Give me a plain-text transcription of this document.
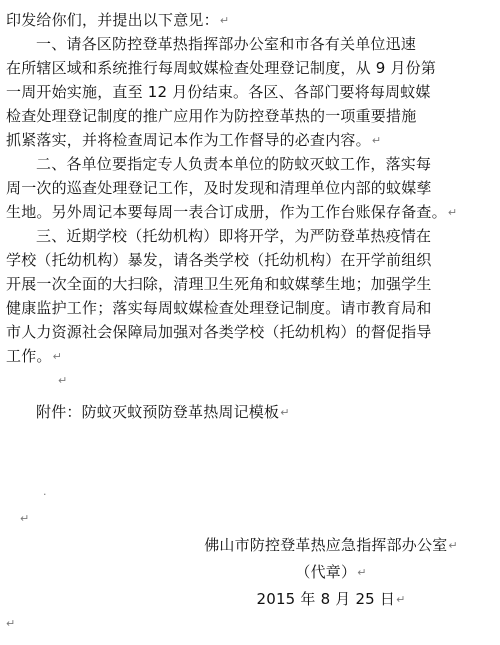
印发给你们，并提出以下意见：↵
一、请各区防控登革热指挥部办公室和市各有关单位迅速
在所辖区域和系统推行每周蚊媒检查处理登记制度，从 9 月份第
一周开始实施，直至 12 月份结束。各区、各部门要将每周蚊媒
检查处理登记制度的推广应用作为防控登革热的一项重要措施
抓紧落实，并将检查周记本作为工作督导的必查内容。↵
二、各单位要指定专人负责本单位的防蚊灭蚊工作，落实每
周一次的巡查处理登记工作，及时发现和清理单位内部的蚊媒孳
生地。另外周记本要每周一表合订成册，作为工作台账保存备查。↵
三、近期学校（托幼机构）即将开学，为严防登革热疫情在
学校（托幼机构）暴发，请各类学校（托幼机构）在开学前组织
开展一次全面的大扫除，清理卫生死角和蚊媒孳生地；加强学生
健康监护工作；落实每周蚊媒检查处理登记制度。请市教育局和
市人力资源社会保障局加强对各类学校（托幼机构）的督促指导
工作。↵
↵
附件：防蚊灭蚊预防登革热周记模板↵
·
↵
佛山市防控登革热应急指挥部办公室↵
（代章）↵
2015 年 8 月 25 日↵
↵
